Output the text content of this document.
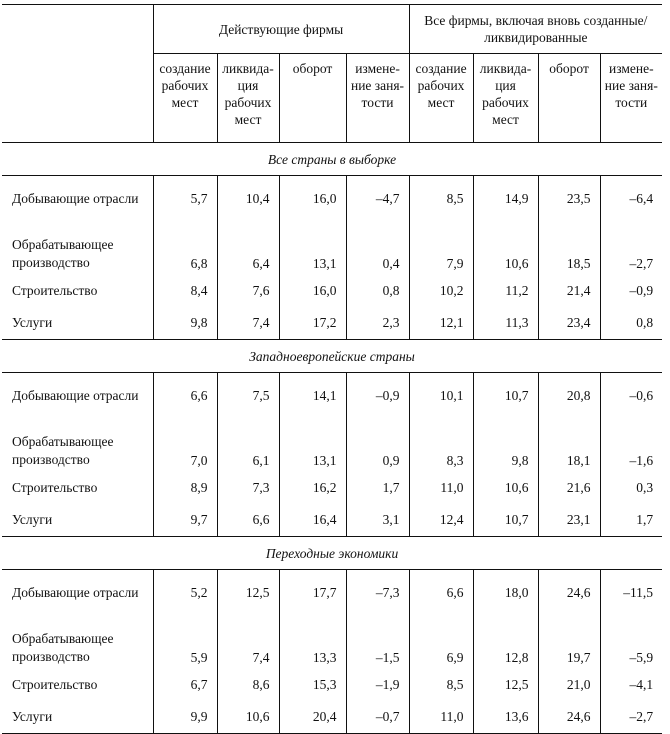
	Действующие фирмы				Все фирмы, включая вновь созданные/ликвидированные			
	создание рабочих мест	ликвида-ция рабочих мест	оборот	измене-ние заня-тости	создание рабочих мест	ликвида-ция рабочих мест	оборот	измене-ние заня-тости
Все страны в выборке								
Добывающие отрасли	5,7	10,4	16,0	–4,7	8,5	14,9	23,5	–6,4
Обрабатывающее производство	6,8	6,4	13,1	0,4	7,9	10,6	18,5	–2,7
Строительство	8,4	7,6	16,0	0,8	10,2	11,2	21,4	–0,9
Услуги	9,8	7,4	17,2	2,3	12,1	11,3	23,4	0,8
Западноевропейские страны								
Добывающие отрасли	6,6	7,5	14,1	–0,9	10,1	10,7	20,8	–0,6
Обрабатывающее производство	7,0	6,1	13,1	0,9	8,3	9,8	18,1	–1,6
Строительство	8,9	7,3	16,2	1,7	11,0	10,6	21,6	0,3
Услуги	9,7	6,6	16,4	3,1	12,4	10,7	23,1	1,7
Переходные экономики								
Добывающие отрасли	5,2	12,5	17,7	–7,3	6,6	18,0	24,6	–11,5
Обрабатывающее производство	5,9	7,4	13,3	–1,5	6,9	12,8	19,7	–5,9
Строительство	6,7	8,6	15,3	–1,9	8,5	12,5	21,0	–4,1
Услуги	9,9	10,6	20,4	–0,7	11,0	13,6	24,6	–2,7
